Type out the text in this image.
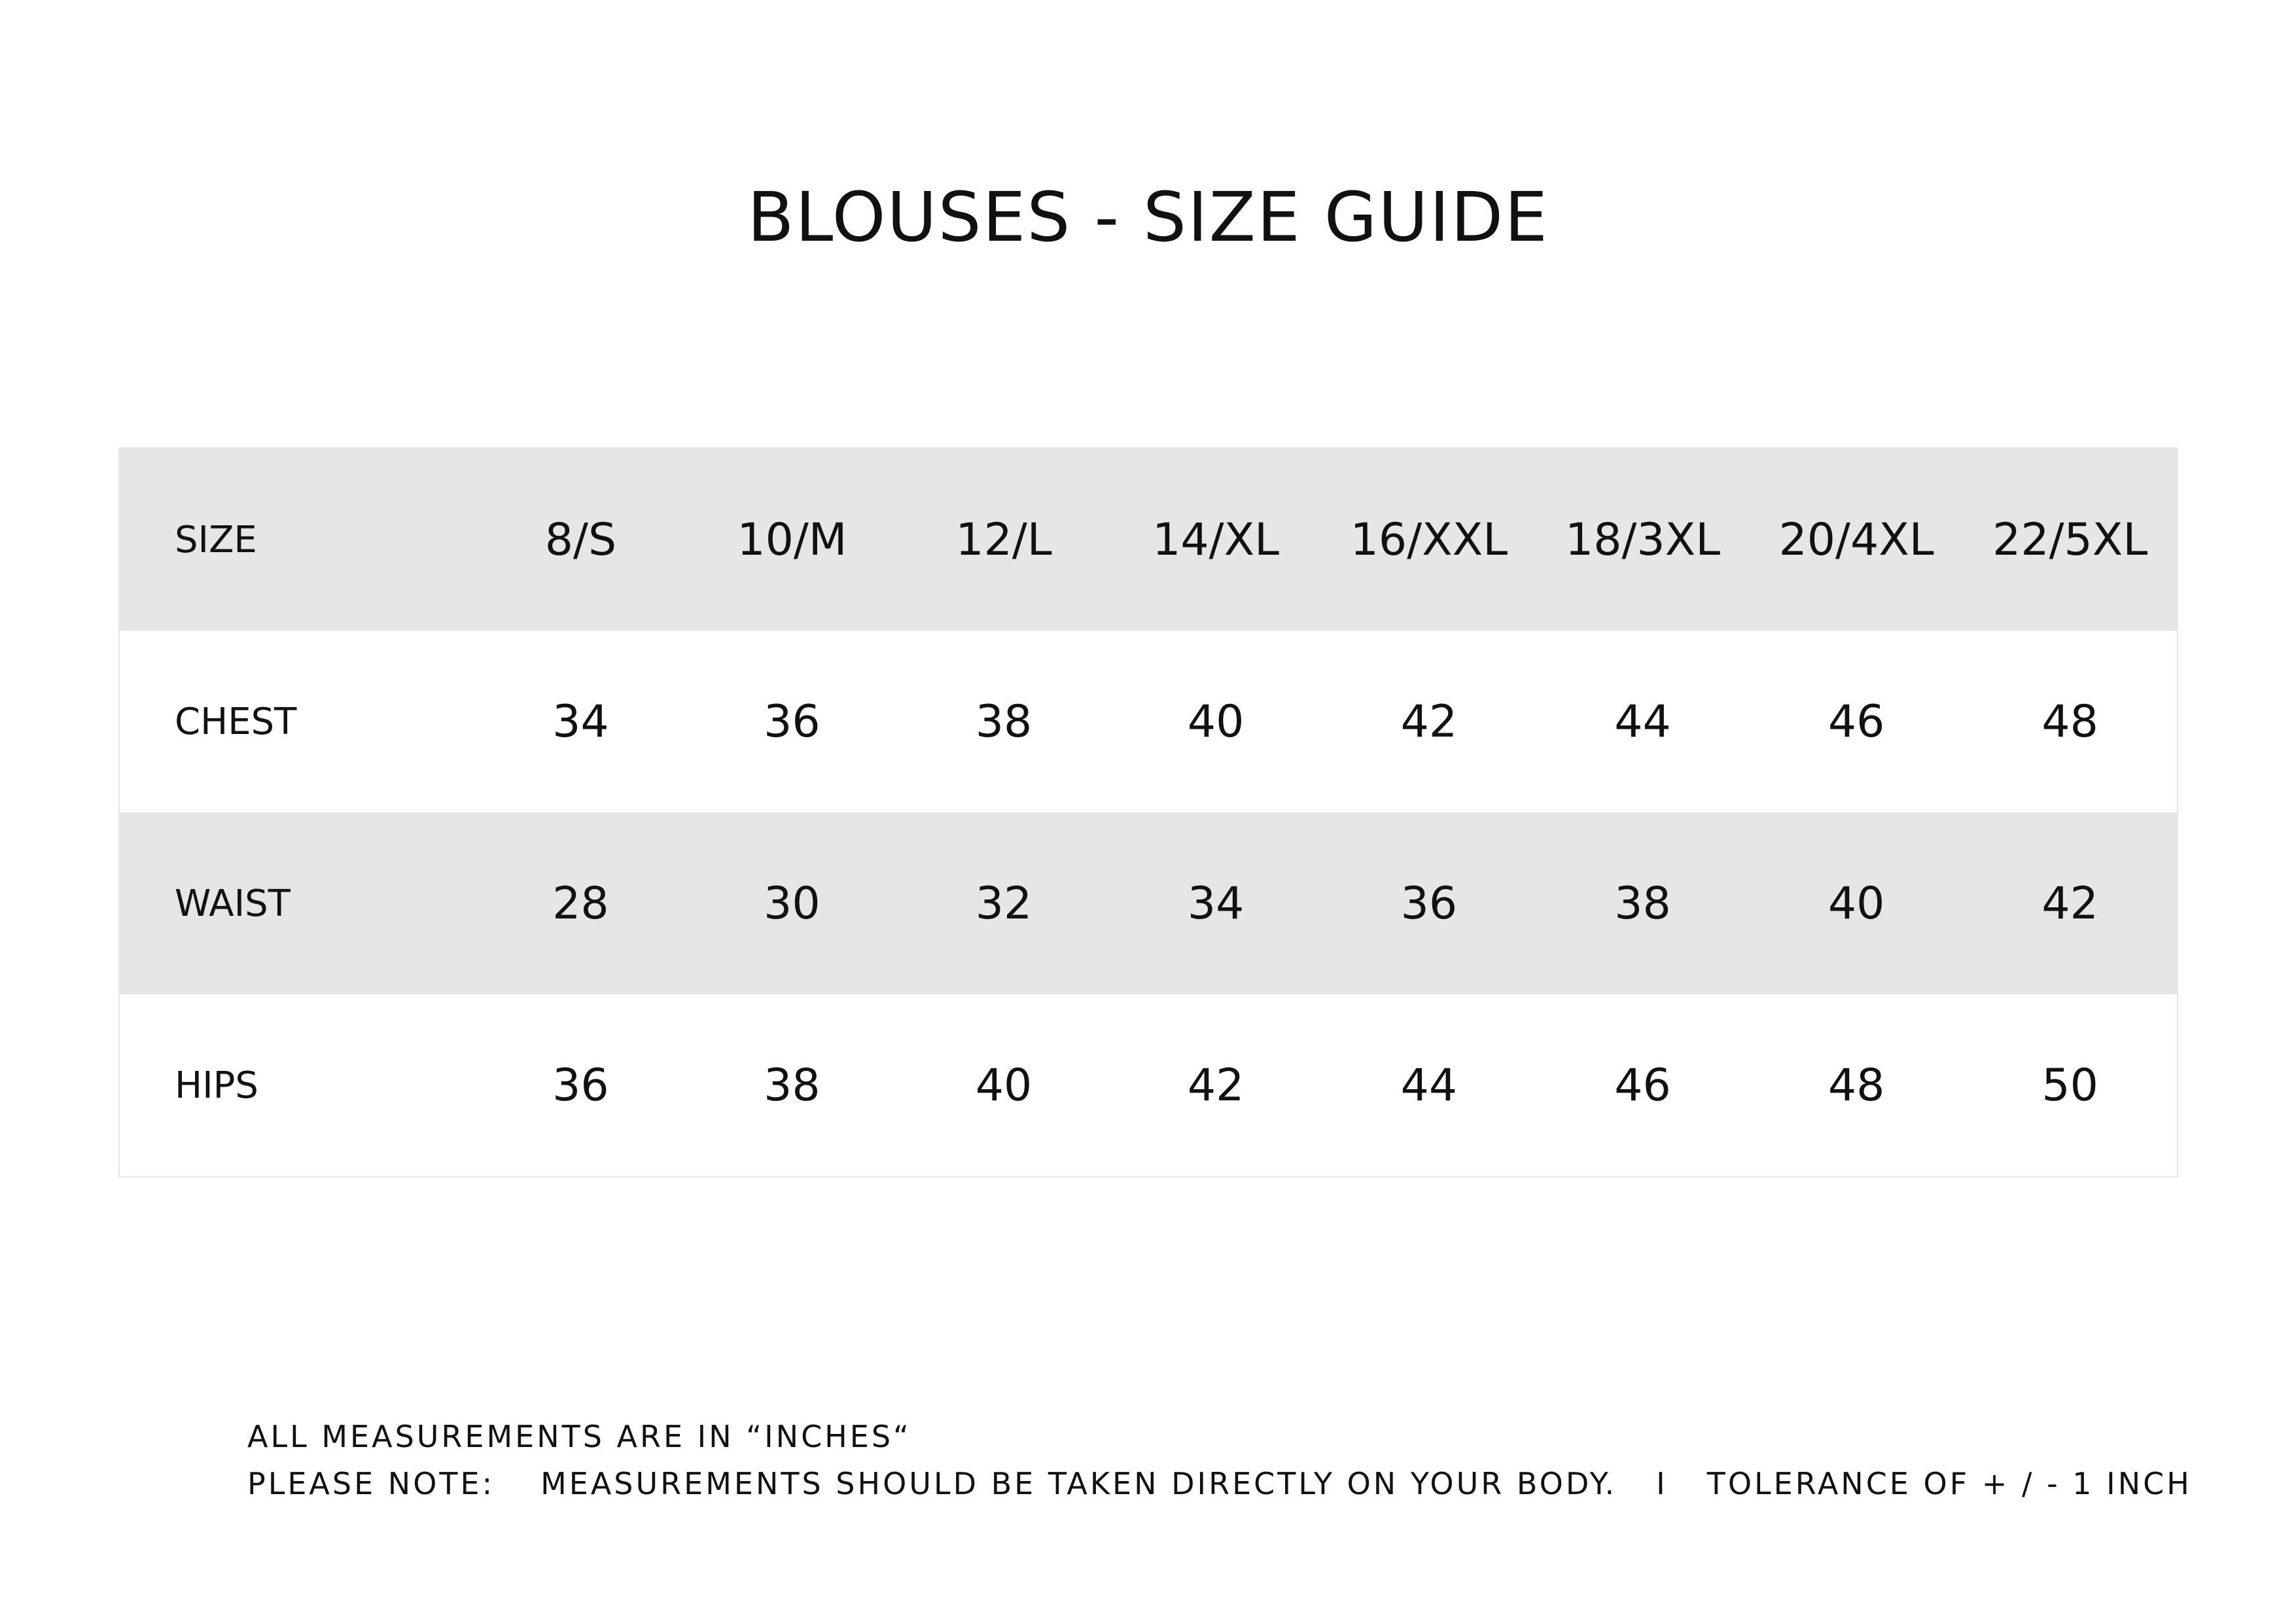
BLOUSES - SIZE GUIDE
SIZE	8/S	10/M	12/L	14/XL	16/XXL	18/3XL	20/4XL	22/5XL
CHEST	34	36	38	40	42	44	46	48
WAIST	28	30	32	34	36	38	40	42
HIPS	36	38	40	42	44	46	48	50
ALL MEASUREMENTS ARE IN “INCHES“
PLEASE NOTE: MEASUREMENTS SHOULD BE TAKEN DIRECTLY ON YOUR BODY. I TOLERANCE OF + / - 1 INCH
